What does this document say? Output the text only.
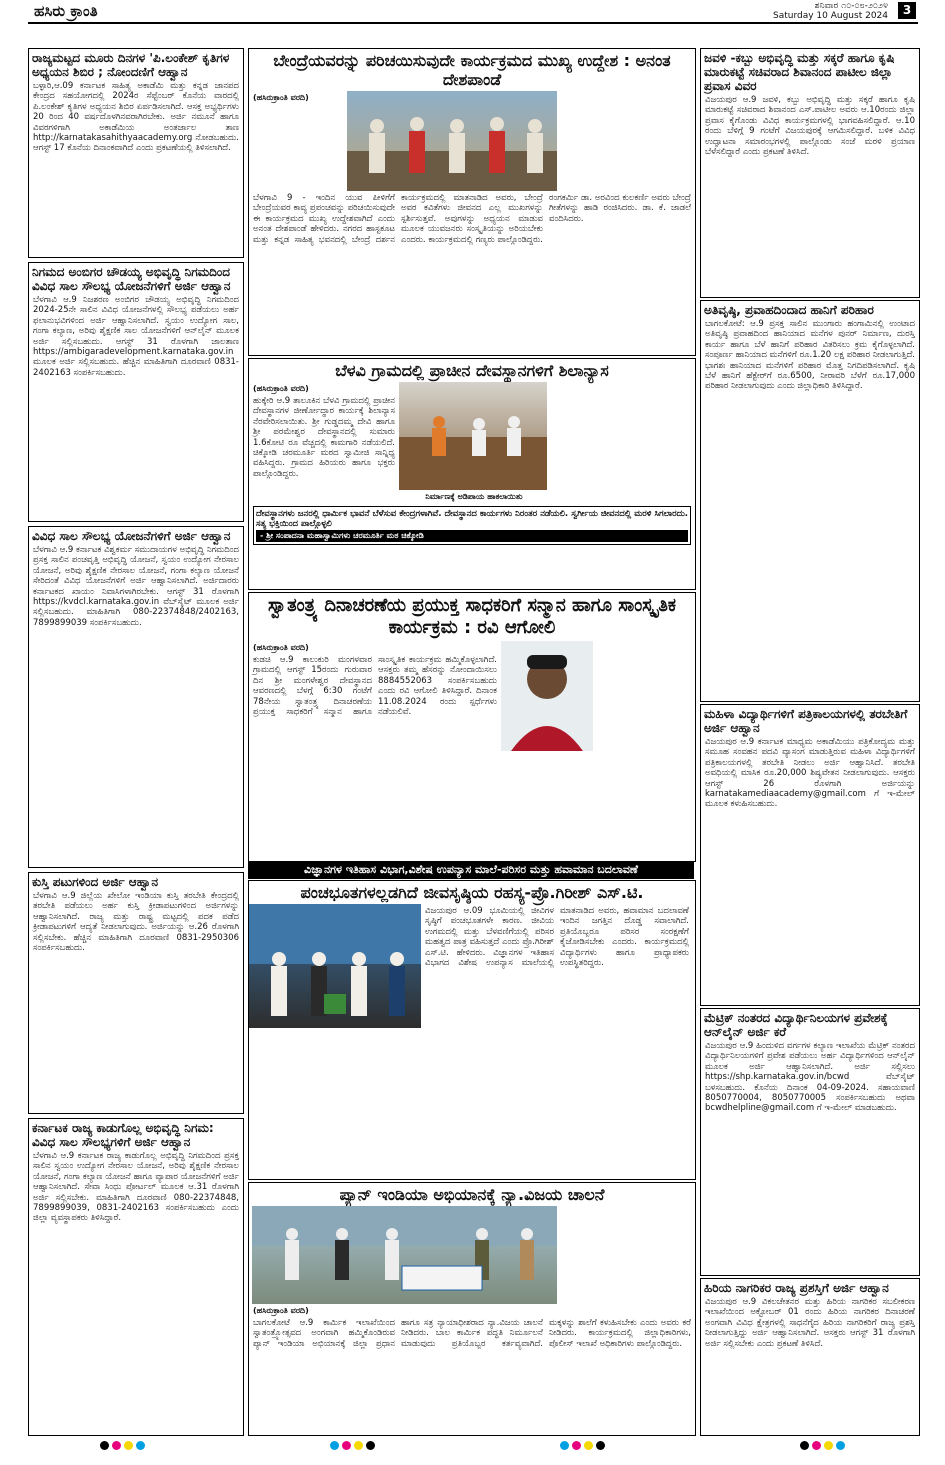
ಹಸಿರು ಕ್ರಾಂತಿ	ಶನಿವಾರ ೧೦-೦೮-೨೦೨೪
Saturday 10 August 2024	3
ರಾಜ್ಯಮಟ್ಟದ ಮೂರು ದಿನಗಳ 'ಪಿ.ಲಂಕೇಶ್ ಕೃತಿಗಳ ಅಧ್ಯಯನ ಶಿಬಿರ ; ನೋಂದಣಿಗೆ ಆಹ್ವಾನ
ಬಳ್ಳಾರಿ,ಆ.09 ಕರ್ನಾಟಕ ಸಾಹಿತ್ಯ ಅಕಾಡೆಮಿ ಮತ್ತು ಕನ್ನಡ ಜಾನಪದ ಕೇಂದ್ರದ ಸಹಯೋಗದಲ್ಲಿ 2024ರ ಸೆಪ್ಟೆಂಬರ್ ಕೊನೆಯ ವಾರದಲ್ಲಿ ಪಿ.ಲಂಕೇಶ್ ಕೃತಿಗಳ ಅಧ್ಯಯನ ಶಿಬಿರ ಏರ್ಪಡಿಸಲಾಗಿದೆ. ಆಸಕ್ತ ಅಭ್ಯರ್ಥಿಗಳು 20 ರಿಂದ 40 ವರ್ಷದೊಳಗಿನವರಾಗಿರಬೇಕು. ಅರ್ಜಿ ನಮೂನೆ ಹಾಗೂ ವಿವರಗಳಿಗಾಗಿ ಅಕಾಡೆಮಿಯ ಅಂತರ್ಜಾಲ ತಾಣ http://karnatakasahithyaacademy.org ನೋಡಬಹುದು. ಆಗಸ್ಟ್ 17 ಕೊನೆಯ ದಿನಾಂಕವಾಗಿದೆ ಎಂದು ಪ್ರಕಟಣೆಯಲ್ಲಿ ತಿಳಿಸಲಾಗಿದೆ.
ನಿಗಮದ ಅಂಬಿಗರ ಚೌಡಯ್ಯ ಅಭಿವೃದ್ಧಿ ನಿಗಮದಿಂದ ವಿವಿಧ ಸಾಲ ಸೌಲಭ್ಯ ಯೋಜನೆಗಳಿಗೆ ಅರ್ಜಿ ಆಹ್ವಾನ
ಬೆಳಗಾವಿ ಆ.9 ನಿಜಶರಣ ಅಂಬಿಗರ ಚೌಡಯ್ಯ ಅಭಿವೃದ್ಧಿ ನಿಗಮದಿಂದ 2024-25ನೇ ಸಾಲಿನ ವಿವಿಧ ಯೋಜನೆಗಳಲ್ಲಿ ಸೌಲಭ್ಯ ಪಡೆಯಲು ಅರ್ಹ ಫಲಾನುಭವಿಗಳಿಂದ ಅರ್ಜಿ ಆಹ್ವಾನಿಸಲಾಗಿದೆ. ಸ್ವಯಂ ಉದ್ಯೋಗ ಸಾಲ, ಗಂಗಾ ಕಲ್ಯಾಣ, ಅರಿವು ಶೈಕ್ಷಣಿಕ ಸಾಲ ಯೋಜನೆಗಳಿಗೆ ಆನ್‌ಲೈನ್ ಮೂಲಕ ಅರ್ಜಿ ಸಲ್ಲಿಸಬಹುದು. ಆಗಸ್ಟ್ 31 ರೊಳಗಾಗಿ ಜಾಲತಾಣ https://ambigaradevelopment.karnataka.gov.in ಮೂಲಕ ಅರ್ಜಿ ಸಲ್ಲಿಸಬಹುದು. ಹೆಚ್ಚಿನ ಮಾಹಿತಿಗಾಗಿ ದೂರವಾಣಿ 0831-2402163 ಸಂಪರ್ಕಿಸಬಹುದು.
ವಿವಿಧ ಸಾಲ ಸೌಲಭ್ಯ ಯೋಜನೆಗಳಿಗೆ ಅರ್ಜಿ ಆಹ್ವಾನ
ಬೆಳಗಾವಿ ಆ.9 ಕರ್ನಾಟಕ ವಿಶ್ವಕರ್ಮ ಸಮುದಾಯಗಳ ಅಭಿವೃದ್ಧಿ ನಿಗಮದಿಂದ ಪ್ರಸಕ್ತ ಸಾಲಿನ ಪಂಚವೃತ್ತಿ ಅಭಿವೃದ್ಧಿ ಯೋಜನೆ, ಸ್ವಯಂ ಉದ್ಯೋಗ ನೇರಸಾಲ ಯೋಜನೆ, ಅರಿವು ಶೈಕ್ಷಣಿಕ ನೇರಸಾಲ ಯೋಜನೆ, ಗಂಗಾ ಕಲ್ಯಾಣ ಯೋಜನೆ ಸೇರಿದಂತೆ ವಿವಿಧ ಯೋಜನೆಗಳಿಗೆ ಅರ್ಜಿ ಆಹ್ವಾನಿಸಲಾಗಿದೆ. ಅರ್ಜಿದಾರರು ಕರ್ನಾಟಕದ ಖಾಯಂ ನಿವಾಸಿಗಳಾಗಿರಬೇಕು. ಆಗಸ್ಟ್ 31 ರೊಳಗಾಗಿ https://kvdcl.karnataka.gov.in ವೆಬ್‌ಸೈಟ್ ಮೂಲಕ ಅರ್ಜಿ ಸಲ್ಲಿಸಬಹುದು. ಮಾಹಿತಿಗಾಗಿ 080-22374848/2402163, 7899899039 ಸಂಪರ್ಕಿಸಬಹುದು.
ಕುಸ್ತಿ ಪಟುಗಳಿಂದ ಅರ್ಜಿ ಆಹ್ವಾನ
ಬೆಳಗಾವಿ ಆ.9 ಜಿಲ್ಲೆಯ ಖೇಲೋ ಇಂಡಿಯಾ ಕುಸ್ತಿ ತರಬೇತಿ ಕೇಂದ್ರದಲ್ಲಿ ತರಬೇತಿ ಪಡೆಯಲು ಅರ್ಹ ಕುಸ್ತಿ ಕ್ರೀಡಾಪಟುಗಳಿಂದ ಅರ್ಜಿಗಳನ್ನು ಆಹ್ವಾನಿಸಲಾಗಿದೆ. ರಾಜ್ಯ ಮತ್ತು ರಾಷ್ಟ್ರ ಮಟ್ಟದಲ್ಲಿ ಪದಕ ಪಡೆದ ಕ್ರೀಡಾಪಟುಗಳಿಗೆ ಆದ್ಯತೆ ನೀಡಲಾಗುವುದು. ಅರ್ಜಿಯನ್ನು ಆ.26 ರೊಳಗಾಗಿ ಸಲ್ಲಿಸಬೇಕು. ಹೆಚ್ಚಿನ ಮಾಹಿತಿಗಾಗಿ ದೂರವಾಣಿ 0831-2950306 ಸಂಪರ್ಕಿಸಬಹುದು.
ಕರ್ನಾಟಕ ರಾಜ್ಯ ಕಾಡುಗೊಲ್ಲ ಅಭಿವೃದ್ಧಿ ನಿಗಮ: ವಿವಿಧ ಸಾಲ ಸೌಲಭ್ಯಗಳಿಗೆ ಅರ್ಜಿ ಆಹ್ವಾನ
ಬೆಳಗಾವಿ ಆ.9 ಕರ್ನಾಟಕ ರಾಜ್ಯ ಕಾಡುಗೊಲ್ಲ ಅಭಿವೃದ್ಧಿ ನಿಗಮದಿಂದ ಪ್ರಸಕ್ತ ಸಾಲಿನ ಸ್ವಯಂ ಉದ್ಯೋಗ ನೇರಸಾಲ ಯೋಜನೆ, ಅರಿವು ಶೈಕ್ಷಣಿಕ ನೇರಸಾಲ ಯೋಜನೆ, ಗಂಗಾ ಕಲ್ಯಾಣ ಯೋಜನೆ ಹಾಗೂ ವ್ಯಾಪಾರ ಯೋಜನೆಗಳಿಗೆ ಅರ್ಜಿ ಆಹ್ವಾನಿಸಲಾಗಿದೆ. ಸೇವಾ ಸಿಂಧು ಪೋರ್ಟಲ್ ಮೂಲಕ ಆ.31 ರೊಳಗಾಗಿ ಅರ್ಜಿ ಸಲ್ಲಿಸಬೇಕು. ಮಾಹಿತಿಗಾಗಿ ದೂರವಾಣಿ 080-22374848, 7899899039, 0831-2402163 ಸಂಪರ್ಕಿಸಬಹುದು ಎಂದು ಜಿಲ್ಲಾ ವ್ಯವಸ್ಥಾಪಕರು ತಿಳಿಸಿದ್ದಾರೆ.
ಬೇಂದ್ರೆಯವರನ್ನು ಪರಿಚಯಿಸುವುದೇ ಕಾರ್ಯಕ್ರಮದ ಮುಖ್ಯ ಉದ್ದೇಶ : ಅನಂತ ದೇಶಪಾಂಡೆ
(ಹಸಿರುಕ್ರಾಂತಿ ವರದಿ)
ಬೆಳಗಾವಿ 9 - ಇಂದಿನ ಯುವ ಪೀಳಿಗೆಗೆ ಬೇಂದ್ರೆಯವರ ಕಾವ್ಯ ಪ್ರಪಂಚವನ್ನು ಪರಿಚಯಿಸುವುದೇ ಈ ಕಾರ್ಯಕ್ರಮದ ಮುಖ್ಯ ಉದ್ದೇಶವಾಗಿದೆ ಎಂದು ಅನಂತ ದೇಶಪಾಂಡೆ ಹೇಳಿದರು. ನಗರದ ಹಾಸ್ಟಕೂಟ ಮತ್ತು ಕನ್ನಡ ಸಾಹಿತ್ಯ ಭವನದಲ್ಲಿ ಬೇಂದ್ರೆ ದರ್ಶನ ಕಾರ್ಯಕ್ರಮದಲ್ಲಿ ಮಾತನಾಡಿದ ಅವರು, ಬೇಂದ್ರೆ ಅವರ ಕವಿತೆಗಳು ಜೀವನದ ಎಲ್ಲ ಮುಖಗಳನ್ನು ಸ್ಪರ್ಶಿಸುತ್ತವೆ. ಅವುಗಳನ್ನು ಅಧ್ಯಯನ ಮಾಡುವ ಮೂಲಕ ಯುವಜನರು ಸಂಸ್ಕೃತಿಯನ್ನು ಅರಿಯಬೇಕು ಎಂದರು. ಕಾರ್ಯಕ್ರಮದಲ್ಲಿ ಗಣ್ಯರು ಪಾಲ್ಗೊಂಡಿದ್ದರು. ರಂಗಕರ್ಮಿ ಡಾ. ಅರವಿಂದ ಕುಲಕರ್ಣಿ ಅವರು ಬೇಂದ್ರೆ ಗೀತೆಗಳನ್ನು ಹಾಡಿ ರಂಜಿಸಿದರು. ಡಾ. ಕೆ. ಜಾಡಲೆ ವಂದಿಸಿದರು.
ಬೆಳವಿ ಗ್ರಾಮದಲ್ಲಿ ಪ್ರಾಚೀನ ದೇವಸ್ಥಾನಗಳಿಗೆ ಶಿಲಾನ್ಯಾಸ
(ಹಸಿರುಕ್ರಾಂತಿ ವರದಿ)
ಹುಕ್ಕೇರಿ ಆ.9 ತಾಲೂಕಿನ ಬೆಳವಿ ಗ್ರಾಮದಲ್ಲಿ ಪ್ರಾಚೀನ ದೇವಸ್ಥಾನಗಳ ಜೀರ್ಣೋದ್ಧಾರ ಕಾರ್ಯಕ್ಕೆ ಶಿಲಾನ್ಯಾಸ ನೆರವೇರಿಸಲಾಯಿತು. ಶ್ರೀ ಗುಡ್ಡದಮ್ಮ ದೇವಿ ಹಾಗೂ ಶ್ರೀ ಪರಮೇಶ್ವರ ದೇವಸ್ಥಾನದಲ್ಲಿ ಸುಮಾರು 1.6ಕೋಟಿ ರೂ ವೆಚ್ಚದಲ್ಲಿ ಕಾಮಗಾರಿ ನಡೆಯಲಿದೆ. ಚಿಕ್ಕೋಡಿ ಚರಮೂರ್ತಿ ಮಠದ ಸ್ವಾಮೀಜಿ ಸಾನ್ನಿಧ್ಯ ವಹಿಸಿದ್ದರು. ಗ್ರಾಮದ ಹಿರಿಯರು ಹಾಗೂ ಭಕ್ತರು ಪಾಲ್ಗೊಂಡಿದ್ದರು.
ನಿರ್ಮಾಣಕ್ಕೆ ಅಡಿಪಾಯ ಹಾಕಲಾಯಿತು
ದೇವಸ್ಥಾನಗಳು ಜನರಲ್ಲಿ ಧಾರ್ಮಿಕ ಭಾವನೆ ಬೆಳೆಸುವ ಕೇಂದ್ರಗಳಾಗಿವೆ. ದೇವಸ್ಥಾನದ ಕಾರ್ಯಗಳು ನಿರಂತರ ನಡೆಯಲಿ. ಸ್ವರ್ಗೀಯ ಜೀವನದಲ್ಲಿ ಮರಳಿ ಸಿಗಲಾರದು. ಸತ್ಯ ಭಕ್ತಿಯಿಂದ ಪಾಲ್ಗೊಳ್ಳಲಿ
- ಶ್ರೀ ಸಂಪಾದನಾ ಮಹಾಸ್ವಾಮಿಗಳು ಚರಮೂರ್ತಿ ಮಠ ಚಿಕ್ಕೋಡಿ
ಸ್ವಾತಂತ್ರ್ಯ ದಿನಾಚರಣೆಯ ಪ್ರಯುಕ್ತ ಸಾಧಕರಿಗೆ ಸನ್ಮಾನ ಹಾಗೂ ಸಾಂಸ್ಕೃತಿಕ ಕಾರ್ಯಕ್ರಮ : ರವಿ ಆಗೋಲಿ
(ಹಸಿರುಕ್ರಾಂತಿ ವರದಿ)
ಕುಡಚಿ ಆ.9 ಕಾಲುಕುರಿ ಮಂಗಳವಾರ ಗ್ರಾಮದಲ್ಲಿ ಆಗಸ್ಟ್ 15ರಂದು ಗುರುವಾರ ದಿನ ಶ್ರೀ ಮಂಗಳೇಶ್ವರ ದೇವಸ್ಥಾನದ ಆವರಣದಲ್ಲಿ ಬೆಳಗ್ಗೆ 6:30 ಗಂಟೆಗೆ 78ನೇಯ ಸ್ವಾತಂತ್ರ್ಯ ದಿನಾಚರಣೆಯ ಪ್ರಯುಕ್ತ ಸಾಧಕರಿಗೆ ಸನ್ಮಾನ ಹಾಗೂ ಸಾಂಸ್ಕೃತಿಕ ಕಾರ್ಯಕ್ರಮ ಹಮ್ಮಿಕೊಳ್ಳಲಾಗಿದೆ. ಆಸಕ್ತರು ತಮ್ಮ ಹೆಸರನ್ನು ನೋಂದಾಯಿಸಲು 8884552063 ಸಂಪರ್ಕಿಸಬಹುದು ಎಂದು ರವಿ ಆಗೋಲಿ ತಿಳಿಸಿದ್ದಾರೆ. ದಿನಾಂಕ 11.08.2024 ರಂದು ಸ್ಪರ್ಧೆಗಳು ನಡೆಯಲಿವೆ.
ವಿಜ್ಞಾನಗಳ ಇತಿಹಾಸ ವಿಭಾಗ,ವಿಶೇಷ ಉಪನ್ಯಾಸ ಮಾಲೆ-ಪರಿಸರ ಮತ್ತು ಹವಾಮಾನ ಬದಲಾವಣೆ
ಪಂಚಭೂತಗಳಲ್ಲಡಗಿದೆ ಜೀವಸೃಷ್ಠಿಯ ರಹಸ್ಯ-ಪ್ರೊ.ಗಿರೀಶ್ ಎಸ್.ಟಿ.
ವಿಜಯಪುರ ಆ.09 ಭೂಮಿಯಲ್ಲಿ ಜೀವಿಗಳ ಸೃಷ್ಠಿಗೆ ಪಂಚಭೂತಗಳೇ ಕಾರಣ. ಜೀವಿಯ ಉಗಮದಲ್ಲಿ ಮತ್ತು ಬೆಳವಣಿಗೆಯಲ್ಲಿ ಪರಿಸರ ಮಹತ್ವದ ಪಾತ್ರ ವಹಿಸುತ್ತದೆ ಎಂದು ಪ್ರೊ.ಗಿರೀಶ್ ಎಸ್.ಟಿ. ಹೇಳಿದರು. ವಿಜ್ಞಾನಗಳ ಇತಿಹಾಸ ವಿಭಾಗದ ವಿಶೇಷ ಉಪನ್ಯಾಸ ಮಾಲೆಯಲ್ಲಿ ಮಾತನಾಡಿದ ಅವರು, ಹವಾಮಾನ ಬದಲಾವಣೆ ಇಂದಿನ ಜಗತ್ತಿನ ದೊಡ್ಡ ಸವಾಲಾಗಿದೆ. ಪ್ರತಿಯೊಬ್ಬರೂ ಪರಿಸರ ಸಂರಕ್ಷಣೆಗೆ ಕೈಜೋಡಿಸಬೇಕು ಎಂದರು. ಕಾರ್ಯಕ್ರಮದಲ್ಲಿ ವಿದ್ಯಾರ್ಥಿಗಳು ಹಾಗೂ ಪ್ರಾಧ್ಯಾಪಕರು ಉಪಸ್ಥಿತರಿದ್ದರು.
ಪ್ಯಾನ್ ಇಂಡಿಯಾ ಅಭಿಯಾನಕ್ಕೆ ನ್ಯಾ.ವಿಜಯ ಚಾಲನೆ
(ಹಸಿರುಕ್ರಾಂತಿ ವರದಿ)
ಬಾಗಲಕೋಟೆ ಆ.9 ಕಾರ್ಮಿಕ ಇಲಾಖೆಯಿಂದ ಸ್ವಾತಂತ್ರ್ಯೋತ್ಸವದ ಅಂಗವಾಗಿ ಹಮ್ಮಿಕೊಂಡಿರುವ ಪ್ಯಾನ್ ಇಂಡಿಯಾ ಅಭಿಯಾನಕ್ಕೆ ಜಿಲ್ಲಾ ಪ್ರಧಾನ ಹಾಗೂ ಸತ್ರ ನ್ಯಾಯಾಧೀಶರಾದ ನ್ಯಾ.ವಿಜಯ ಚಾಲನೆ ನೀಡಿದರು. ಬಾಲ ಕಾರ್ಮಿಕ ಪದ್ಧತಿ ನಿರ್ಮೂಲನೆ ಮಾಡುವುದು ಪ್ರತಿಯೊಬ್ಬರ ಕರ್ತವ್ಯವಾಗಿದೆ. ಮಕ್ಕಳನ್ನು ಶಾಲೆಗೆ ಕಳುಹಿಸಬೇಕು ಎಂದು ಅವರು ಕರೆ ನೀಡಿದರು. ಕಾರ್ಯಕ್ರಮದಲ್ಲಿ ಜಿಲ್ಲಾಧಿಕಾರಿಗಳು, ಪೊಲೀಸ್ ಇಲಾಖೆ ಅಧಿಕಾರಿಗಳು ಪಾಲ್ಗೊಂಡಿದ್ದರು.
ಜವಳಿ -ಕಬ್ಬು ಅಭಿವೃದ್ಧಿ ಮತ್ತು ಸಕ್ಕರೆ ಹಾಗೂ ಕೃಷಿ ಮಾರುಕಟ್ಟೆ ಸಚಿವರಾದ ಶಿವಾನಂದ ಪಾಟೀಲ ಜಿಲ್ಲಾ ಪ್ರವಾಸ ವಿವರ
ವಿಜಯಪುರ ಆ.9 ಜವಳಿ, ಕಬ್ಬು ಅಭಿವೃದ್ಧಿ ಮತ್ತು ಸಕ್ಕರೆ ಹಾಗೂ ಕೃಷಿ ಮಾರುಕಟ್ಟೆ ಸಚಿವರಾದ ಶಿವಾನಂದ ಎಸ್.ಪಾಟೀಲ ಅವರು ಆ.10ರಂದು ಜಿಲ್ಲಾ ಪ್ರವಾಸ ಕೈಗೊಂಡು ವಿವಿಧ ಕಾರ್ಯಕ್ರಮಗಳಲ್ಲಿ ಭಾಗವಹಿಸಲಿದ್ದಾರೆ. ಆ.10 ರಂದು ಬೆಳಿಗ್ಗೆ 9 ಗಂಟೆಗೆ ವಿಜಯಪುರಕ್ಕೆ ಆಗಮಿಸಲಿದ್ದಾರೆ. ಬಳಿಕ ವಿವಿಧ ಉದ್ಘಾಟನಾ ಸಮಾರಂಭಗಳಲ್ಲಿ ಪಾಲ್ಗೊಂಡು ಸಂಜೆ ಮರಳಿ ಪ್ರಯಾಣ ಬೆಳೆಸಲಿದ್ದಾರೆ ಎಂದು ಪ್ರಕಟಣೆ ತಿಳಿಸಿದೆ.
ಅತಿವೃಷ್ಠಿ, ಪ್ರವಾಹದಿಂದಾದ ಹಾನಿಗೆ ಪರಿಹಾರ
ಬಾಗಲಕೋಟೆ: ಆ.9 ಪ್ರಸಕ್ತ ಸಾಲಿನ ಮುಂಗಾರು ಹಂಗಾಮಿನಲ್ಲಿ ಉಂಟಾದ ಅತಿವೃಷ್ಠಿ ಪ್ರವಾಹದಿಂದ ಹಾನಿಯಾದ ಮನೆಗಳ ಪುನರ್ ನಿರ್ಮಾಣ, ದುರಸ್ತಿ ಕಾರ್ಯ ಹಾಗೂ ಬೆಳೆ ಹಾನಿಗೆ ಪರಿಹಾರ ವಿತರಿಸಲು ಕ್ರಮ ಕೈಗೊಳ್ಳಲಾಗಿದೆ. ಸಂಪೂರ್ಣ ಹಾನಿಯಾದ ಮನೆಗಳಿಗೆ ರೂ.1.20 ಲಕ್ಷ ಪರಿಹಾರ ನೀಡಲಾಗುತ್ತಿದೆ. ಭಾಗಶಃ ಹಾನಿಯಾದ ಮನೆಗಳಿಗೆ ಪರಿಹಾರ ಮೊತ್ತ ನಿಗದಿಪಡಿಸಲಾಗಿದೆ. ಕೃಷಿ ಬೆಳೆ ಹಾನಿಗೆ ಹೆಕ್ಟೇರ್‌ಗೆ ರೂ.6500, ನೀರಾವರಿ ಬೆಳೆಗೆ ರೂ.17,000 ಪರಿಹಾರ ನೀಡಲಾಗುವುದು ಎಂದು ಜಿಲ್ಲಾಧಿಕಾರಿ ತಿಳಿಸಿದ್ದಾರೆ.
ಮಹಿಳಾ ವಿದ್ಯಾರ್ಥಿಗಳಿಗೆ ಪತ್ರಿಕಾಲಯಗಳಲ್ಲಿ ತರಬೇತಿಗೆ ಅರ್ಜಿ ಆಹ್ವಾನ
ವಿಜಯಪುರ ಆ.9 ಕರ್ನಾಟಕ ಮಾಧ್ಯಮ ಅಕಾಡೆಮಿಯು ಪತ್ರಿಕೋದ್ಯಮ ಮತ್ತು ಸಮೂಹ ಸಂವಹನ ಪದವಿ ವ್ಯಾಸಂಗ ಮಾಡುತ್ತಿರುವ ಮಹಿಳಾ ವಿದ್ಯಾರ್ಥಿಗಳಿಗೆ ಪತ್ರಿಕಾಲಯಗಳಲ್ಲಿ ತರಬೇತಿ ನೀಡಲು ಅರ್ಜಿ ಆಹ್ವಾನಿಸಿದೆ. ತರಬೇತಿ ಅವಧಿಯಲ್ಲಿ ಮಾಸಿಕ ರೂ.20,000 ಶಿಷ್ಯವೇತನ ನೀಡಲಾಗುವುದು. ಆಸಕ್ತರು ಆಗಸ್ಟ್ 26 ರೊಳಗಾಗಿ ಅರ್ಜಿಯನ್ನು karnatakamediaacademy@gmail.com ಗೆ ಇ-ಮೇಲ್ ಮೂಲಕ ಕಳುಹಿಸಬಹುದು.
ಮೆಟ್ರಿಕ್ ನಂತರದ ವಿದ್ಯಾರ್ಥಿನಿಲಯಗಳ ಪ್ರವೇಶಕ್ಕೆ ಆನ್‌ಲೈನ್ ಅರ್ಜಿ ಕರೆ
ವಿಜಯಪುರ ಆ.9 ಹಿಂದುಳಿದ ವರ್ಗಗಳ ಕಲ್ಯಾಣ ಇಲಾಖೆಯ ಮೆಟ್ರಿಕ್ ನಂತರದ ವಿದ್ಯಾರ್ಥಿನಿಲಯಗಳಿಗೆ ಪ್ರವೇಶ ಪಡೆಯಲು ಅರ್ಹ ವಿದ್ಯಾರ್ಥಿಗಳಿಂದ ಆನ್‌ಲೈನ್ ಮೂಲಕ ಅರ್ಜಿ ಆಹ್ವಾನಿಸಲಾಗಿದೆ. ಅರ್ಜಿ ಸಲ್ಲಿಸಲು https://shp.karnataka.gov.in/bcwd ವೆಬ್‌ಸೈಟ್ ಬಳಸಬಹುದು. ಕೊನೆಯ ದಿನಾಂಕ 04-09-2024. ಸಹಾಯವಾಣಿ 8050770004, 8050770005 ಸಂಪರ್ಕಿಸಬಹುದು ಅಥವಾ bcwdhelpline@gmail.com ಗೆ ಇ-ಮೇಲ್ ಮಾಡಬಹುದು.
ಹಿರಿಯ ನಾಗರಿಕರ ರಾಜ್ಯ ಪ್ರಶಸ್ತಿಗೆ ಅರ್ಜಿ ಆಹ್ವಾನ
ವಿಜಯಪುರ ಆ.9 ವಿಕಲಚೇತನರ ಮತ್ತು ಹಿರಿಯ ನಾಗರಿಕರ ಸಬಲೀಕರಣ ಇಲಾಖೆಯಿಂದ ಅಕ್ಟೋಬರ್ 01 ರಂದು ಹಿರಿಯ ನಾಗರಿಕರ ದಿನಾಚರಣೆ ಅಂಗವಾಗಿ ವಿವಿಧ ಕ್ಷೇತ್ರಗಳಲ್ಲಿ ಸಾಧನೆಗೈದ ಹಿರಿಯ ನಾಗರಿಕರಿಗೆ ರಾಜ್ಯ ಪ್ರಶಸ್ತಿ ನೀಡಲಾಗುತ್ತಿದ್ದು ಅರ್ಜಿ ಆಹ್ವಾನಿಸಲಾಗಿದೆ. ಆಸಕ್ತರು ಆಗಸ್ಟ್ 31 ರೊಳಗಾಗಿ ಅರ್ಜಿ ಸಲ್ಲಿಸಬೇಕು ಎಂದು ಪ್ರಕಟಣೆ ತಿಳಿಸಿದೆ.
